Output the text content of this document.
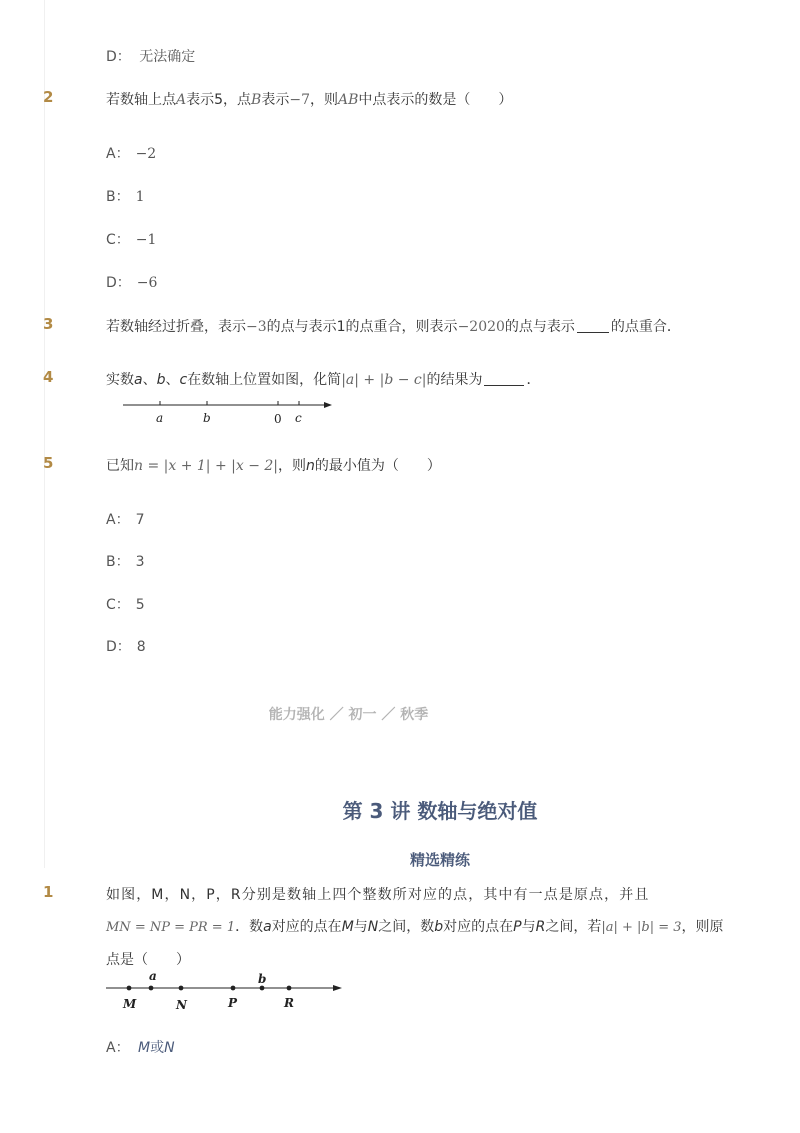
D： 无法确定
2	若数轴上点A表示5，点B表示−7，则AB中点表示的数是（　　）
A： −2
B： 1
C： −1
D： −6
3	若数轴经过折叠，表示−3的点与表示1的点重合，则表示−2020的点与表示	的点重合．
4	实数a、b、c在数轴上位置如图，化简|a| + |b − c|的结果为	．
a	b	0 c
5	已知n = |x + 1| + |x − 2|，则n的最小值为（　　）
A： 7
B： 3
C： 5
D： 8
能力强化 ／ 初一 ／ 秋季
第 3 讲 数轴与绝对值
精选精练
1	如图，M，N，P，R分别是数轴上四个整数所对应的点，其中有一点是原点，并且
MN = NP = PR = 1．数a对应的点在M与N之间，数b对应的点在P与R之间，若|a| + |b| = 3，则原
点是（　　）
a	b
M	N	P	R
A： M或N
